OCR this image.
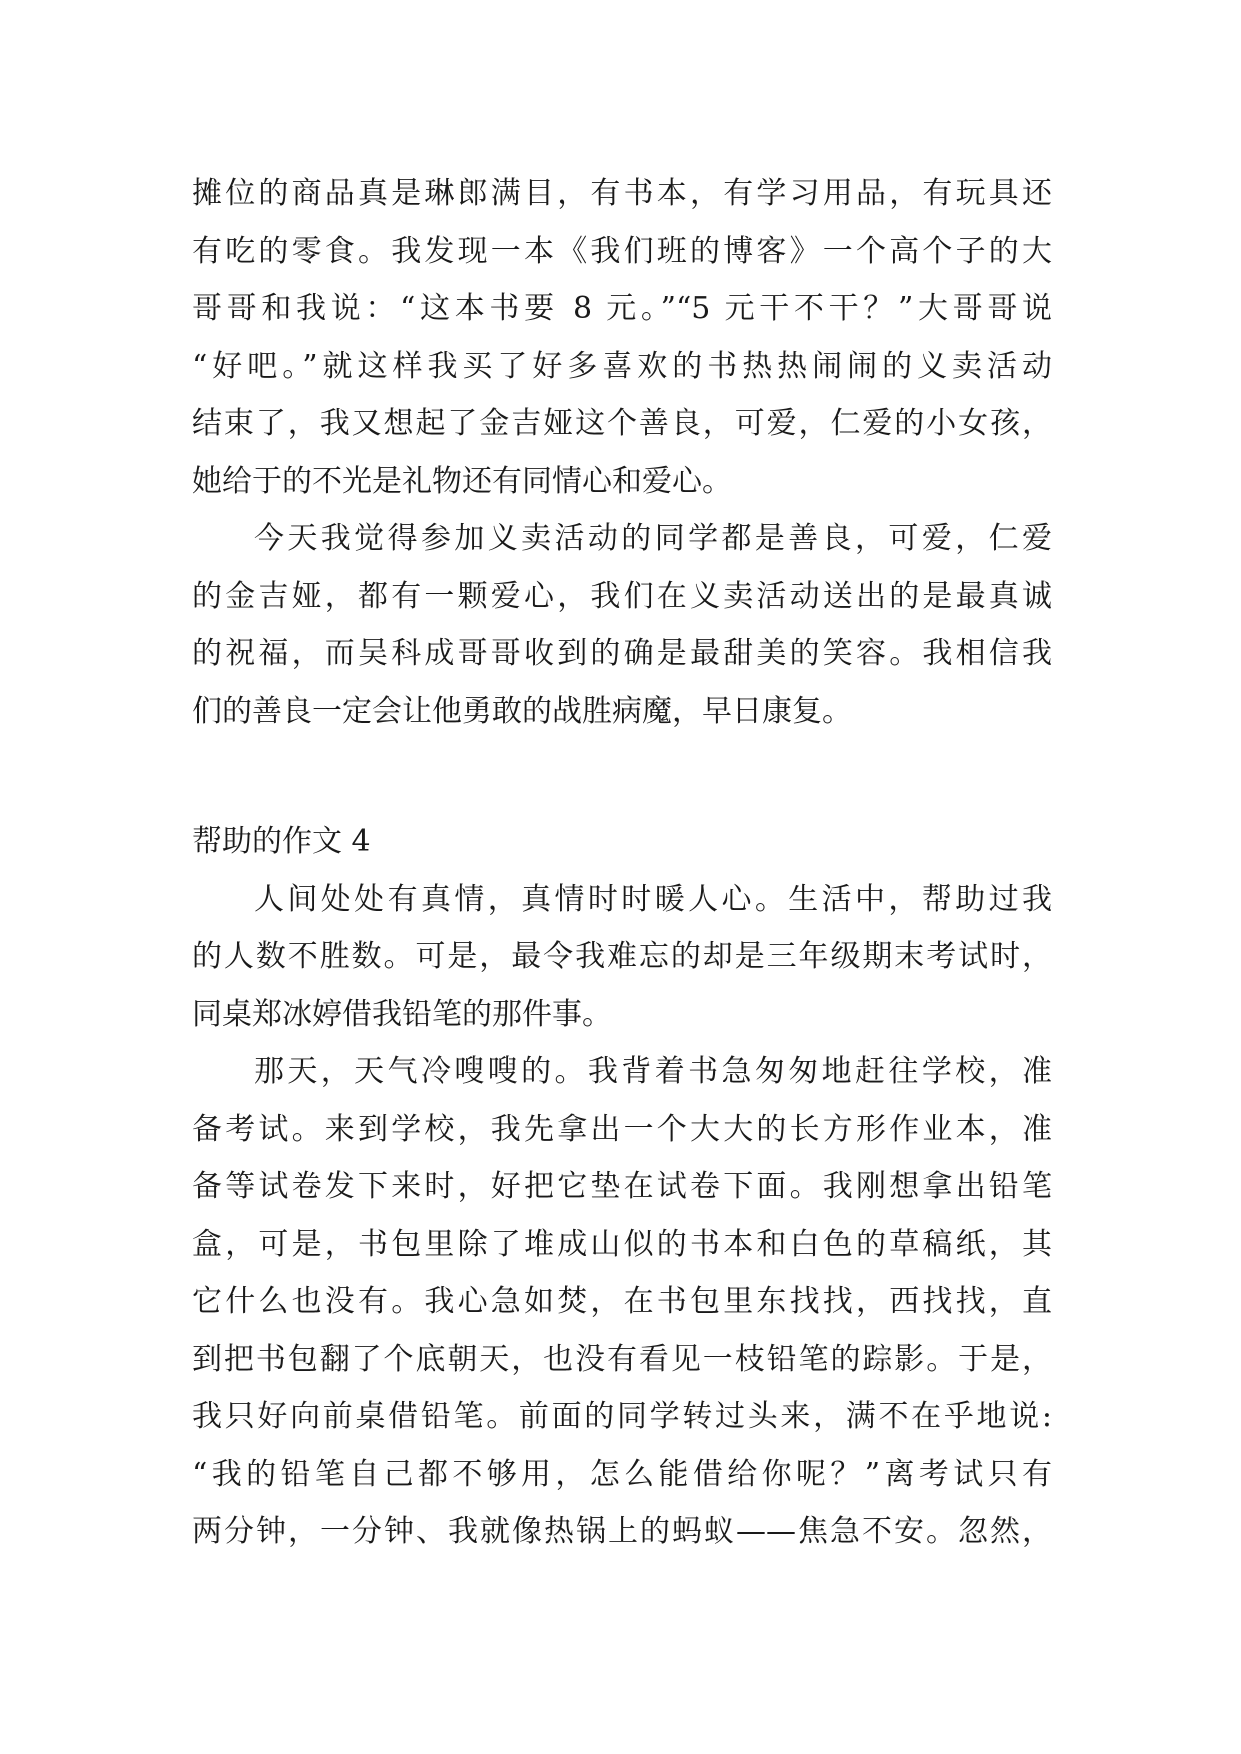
摊位的商品真是琳郎满目，有书本，有学习用品，有玩具还
有吃的零食。我发现一本《我们班的博客》一个高个子的大
哥哥和我说：“这本书要 8 元。”“5 元干不干？”大哥哥说
“好吧。”就这样我买了好多喜欢的书热热闹闹的义卖活动
结束了，我又想起了金吉娅这个善良，可爱，仁爱的小女孩，
她给于的不光是礼物还有同情心和爱心。
今天我觉得参加义卖活动的同学都是善良，可爱，仁爱
的金吉娅，都有一颗爱心，我们在义卖活动送出的是最真诚
的祝福，而吴科成哥哥收到的确是最甜美的笑容。我相信我
们的善良一定会让他勇敢的战胜病魔，早日康复。
帮助的作文 4
人间处处有真情，真情时时暖人心。生活中，帮助过我
的人数不胜数。可是，最令我难忘的却是三年级期末考试时，
同桌郑冰婷借我铅笔的那件事。
那天，天气冷嗖嗖的。我背着书急匆匆地赶往学校，准
备考试。来到学校，我先拿出一个大大的长方形作业本，准
备等试卷发下来时，好把它垫在试卷下面。我刚想拿出铅笔
盒，可是，书包里除了堆成山似的书本和白色的草稿纸，其
它什么也没有。我心急如焚，在书包里东找找，西找找，直
到把书包翻了个底朝天，也没有看见一枝铅笔的踪影。于是，
我只好向前桌借铅笔。前面的同学转过头来，满不在乎地说:
“我的铅笔自己都不够用，怎么能借给你呢？”离考试只有
两分钟，一分钟、我就像热锅上的蚂蚁——焦急不安。忽然，
